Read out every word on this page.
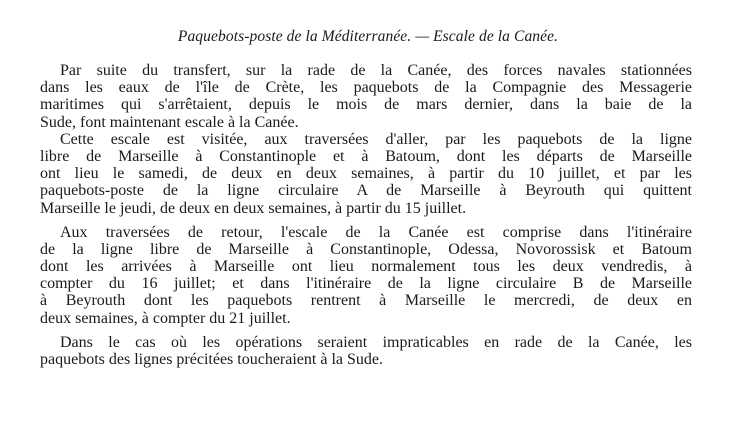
Paquebots-poste de la Méditerranée. — Escale de la Canée.

Par suite du transfert, sur la rade de la Canée, des forces navales stationnées
dans les eaux de l'île de Crète, les paquebots de la Compagnie des Messagerie
maritimes qui s'arrêtaient, depuis le mois de mars dernier, dans la baie de la
Sude, font maintenant escale à la Canée.

Cette escale est visitée, aux traversées d'aller, par les paquebots de la ligne
libre de Marseille à Constantinople et à Batoum, dont les départs de Marseille
ont lieu le samedi, de deux en deux semaines, à partir du 10 juillet, et par les
paquebots-poste de la ligne circulaire A de Marseille à Beyrouth qui quittent
Marseille le jeudi, de deux en deux semaines, à partir du 15 juillet.

Aux traversées de retour, l'escale de la Canée est comprise dans l'itinéraire
de la ligne libre de Marseille à Constantinople, Odessa, Novorossisk et Batoum
dont les arrivées à Marseille ont lieu normalement tous les deux vendredis, à
compter du 16 juillet; et dans l'itinéraire de la ligne circulaire B de Marseille
à Beyrouth dont les paquebots rentrent à Marseille le mercredi, de deux en
deux semaines, à compter du 21 juillet.

Dans le cas où les opérations seraient impraticables en rade de la Canée, les
paquebots des lignes précitées toucheraient à la Sude.
